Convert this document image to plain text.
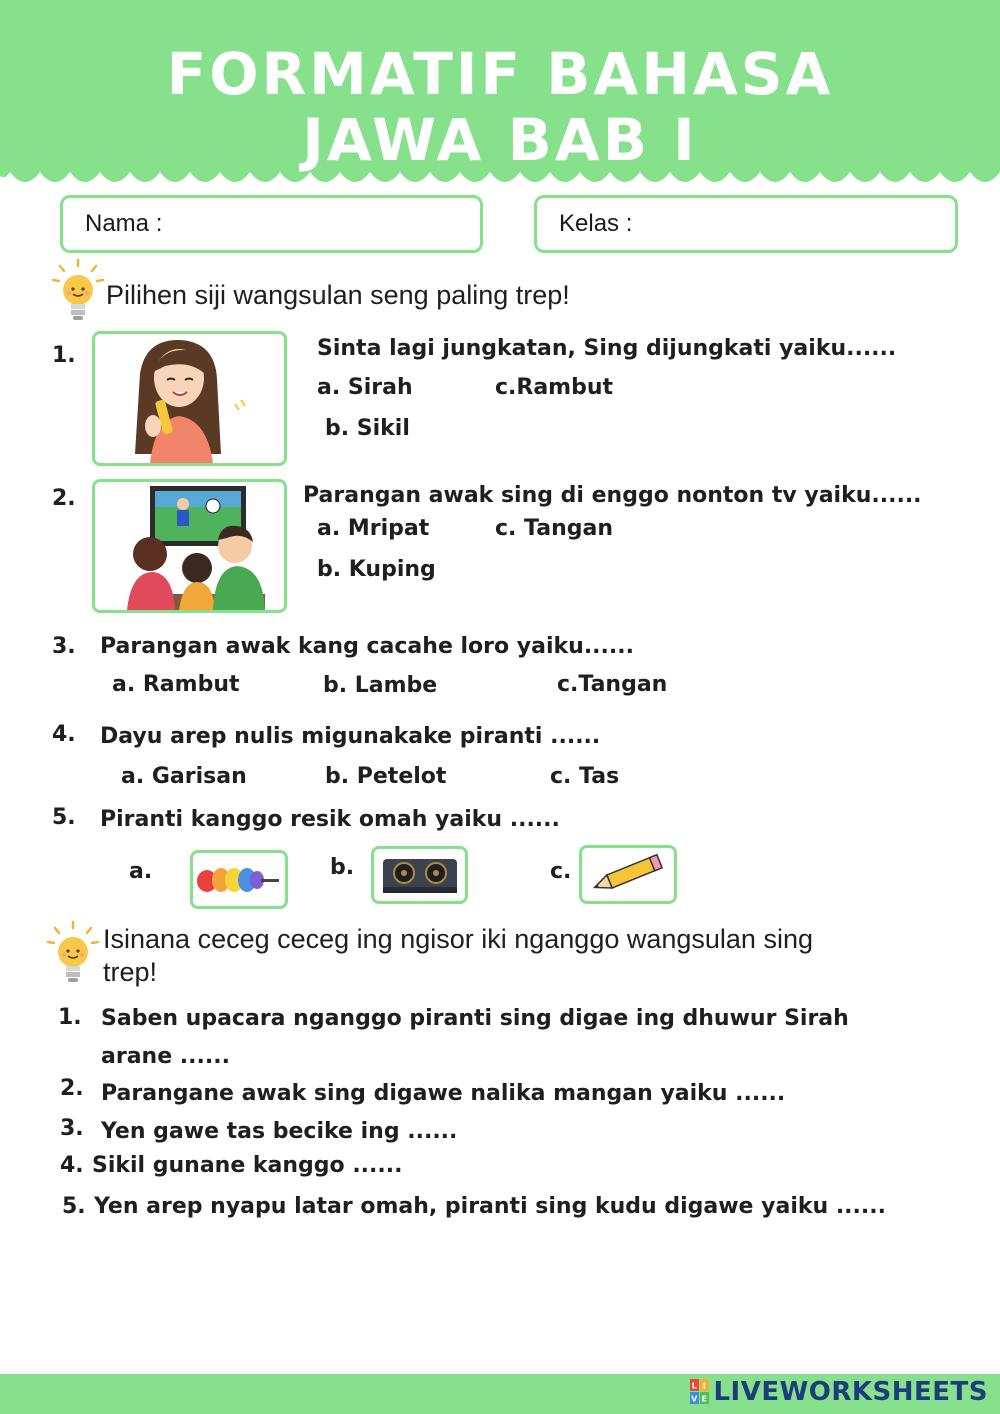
FORMATIF BAHASA
JAWA BAB I
Nama :	Kelas :
Pilihen siji wangsulan seng paling trep!
1.	Sinta lagi jungkatan, Sing dijungkati yaiku......
a. Sirah	c.Rambut
b. Sikil
2.	Parangan awak sing di enggo nonton tv yaiku......
a. Mripat	c. Tangan
b. Kuping
3. Parangan awak kang cacahe loro yaiku......
a. Rambut	b. Lambe	c.Tangan
4. Dayu arep nulis migunakake piranti ......
a. Garisan	b. Petelot	c. Tas
5. Piranti kanggo resik omah yaiku ......
a.	b.	c.
Isinana ceceg ceceg ing ngisor iki nganggo wangsulan sing
trep!
1. Saben upacara nganggo piranti sing digae ing dhuwur Sirah
arane ......
2. Parangane awak sing digawe nalika mangan yaiku ......
3. Yen gawe tas becike ing ......
4. Sikil gunane kanggo ......
5. Yen arep nyapu latar omah, piranti sing kudu digawe yaiku ......
L I
V E LIVEWORKSHEETS
